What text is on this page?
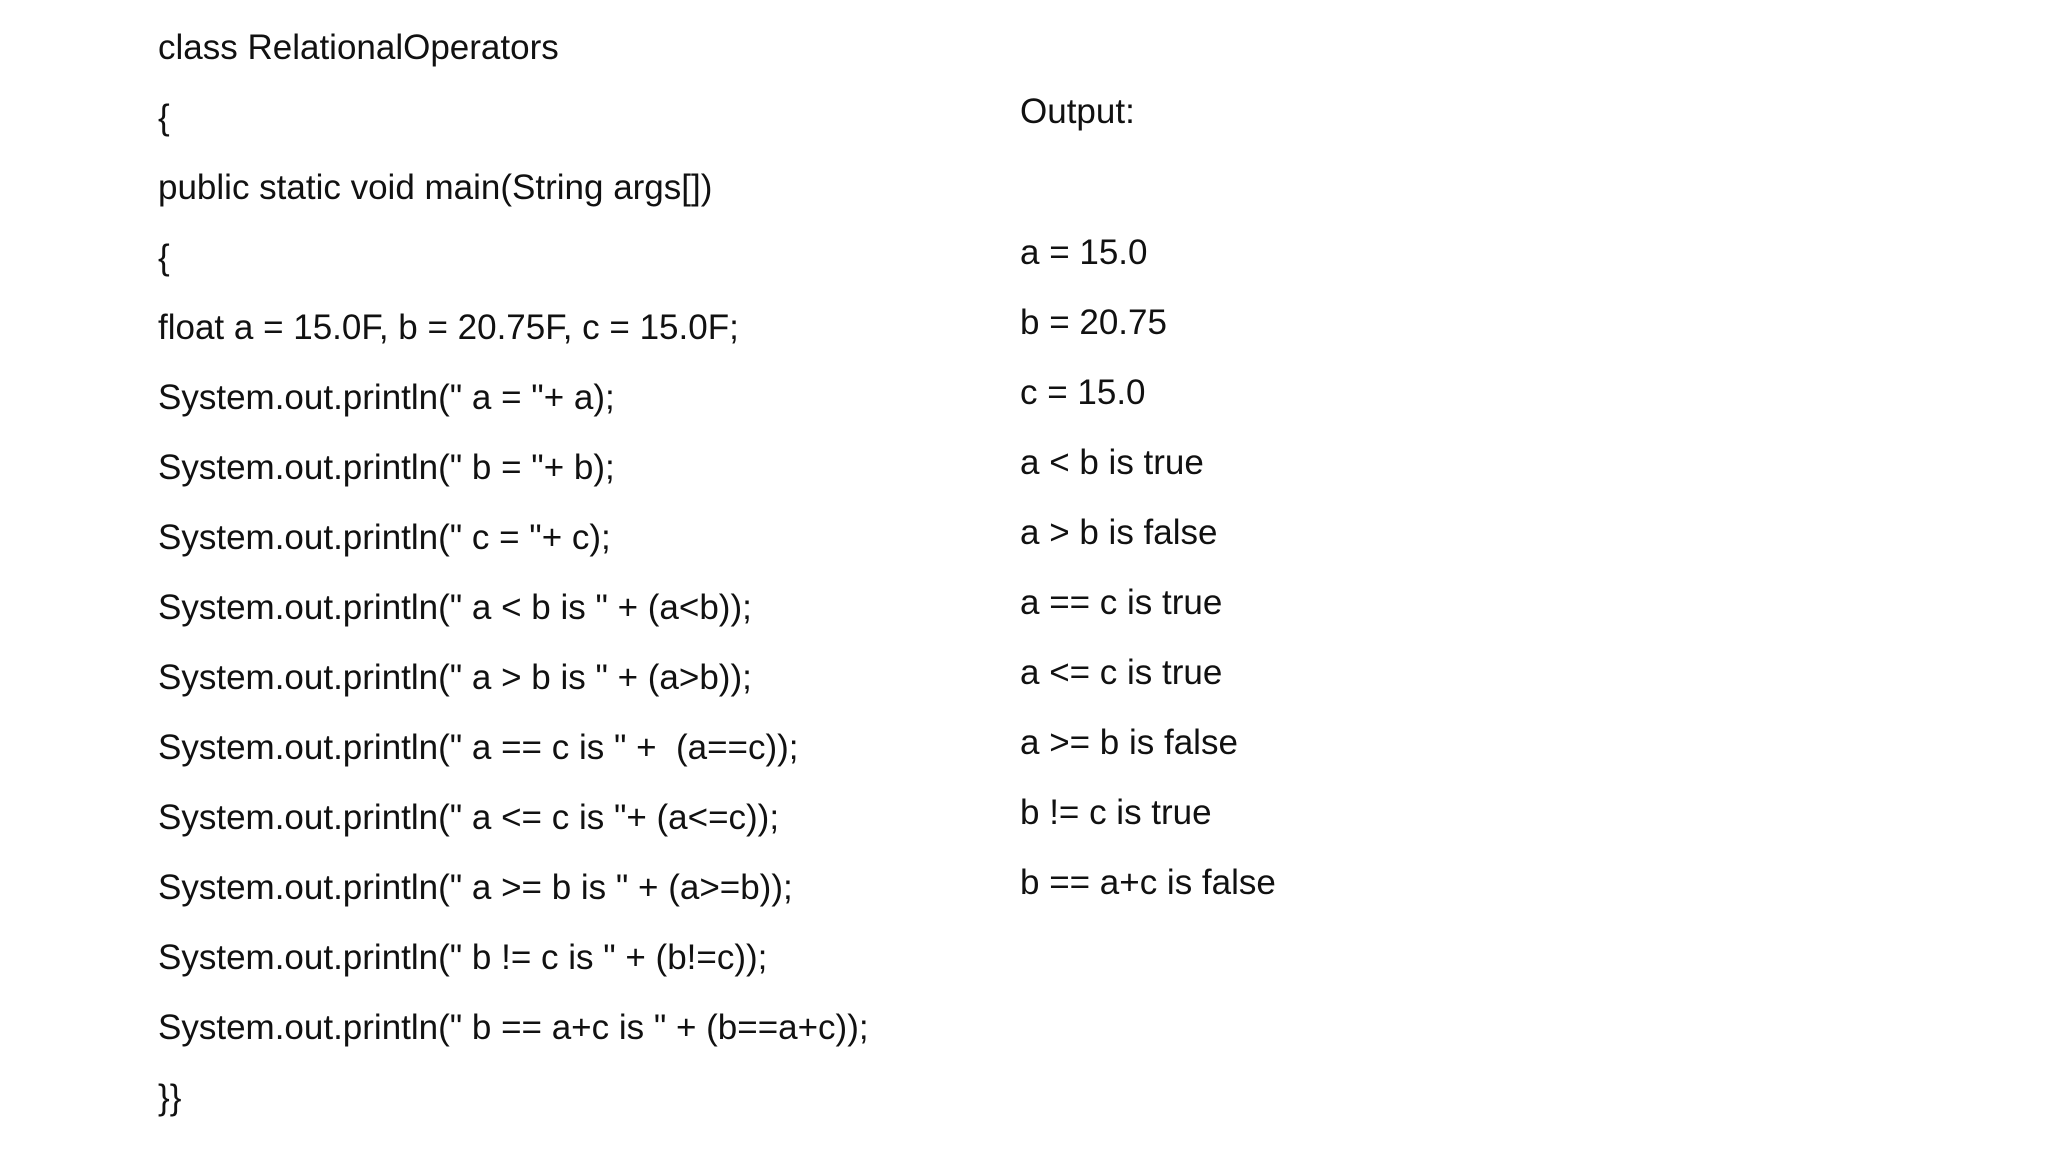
class RelationalOperators
{
public static void main(String args[])
{
float a = 15.0F, b = 20.75F, c = 15.0F;
System.out.println(" a = "+ a);
System.out.println(" b = "+ b);
System.out.println(" c = "+ c);
System.out.println(" a < b is " + (a<b));
System.out.println(" a > b is " + (a>b));
System.out.println(" a == c is " +  (a==c));
System.out.println(" a <= c is "+ (a<=c));
System.out.println(" a >= b is " + (a>=b));
System.out.println(" b != c is " + (b!=c));
System.out.println(" b == a+c is " + (b==a+c));
}}
Output:
a = 15.0
b = 20.75
c = 15.0
a < b is true
a > b is false
a == c is true
a <= c is true
a >= b is false
b != c is true
b == a+c is false
